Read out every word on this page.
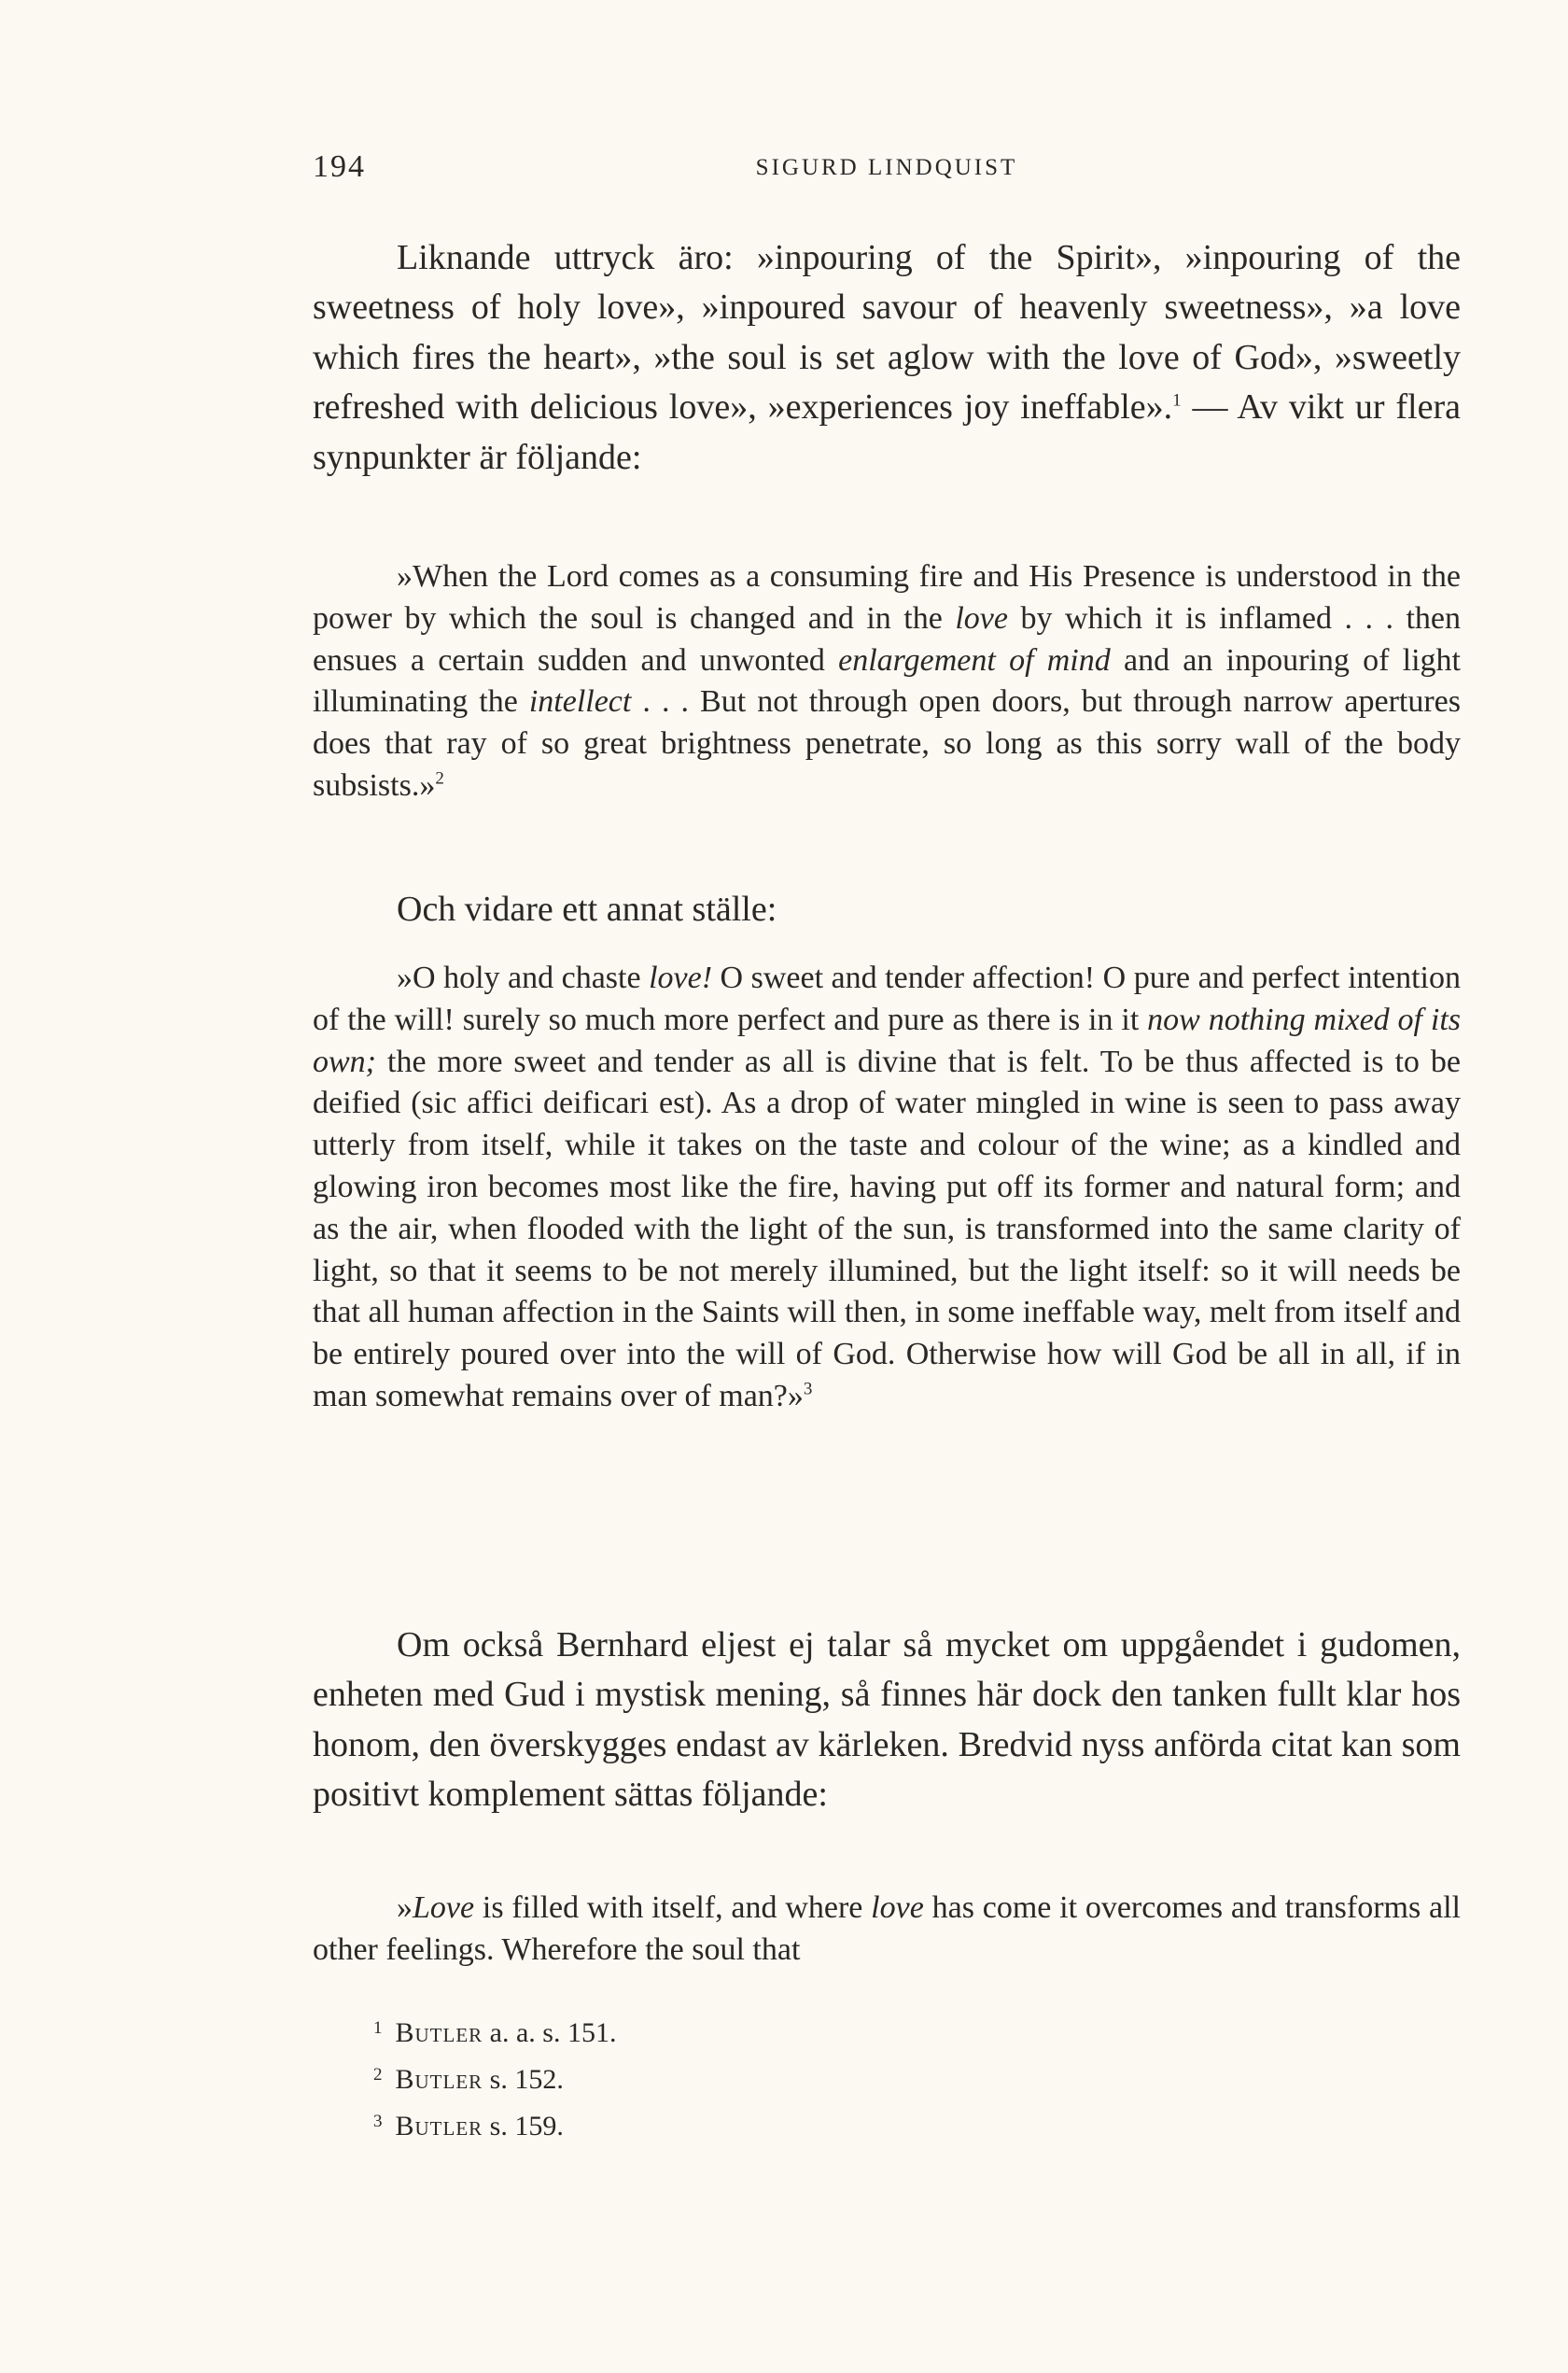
194	SIGURD LINDQUIST

Liknande uttryck äro: »inpouring of the Spirit», »inpouring of the sweetness of holy love», »inpoured savour of heavenly sweetness», »a love which fires the heart», »the soul is set aglow with the love of God», »sweetly refreshed with delicious love», »experiences joy ineffable».$^1$ — Av vikt ur flera synpunkter är följande:

»When the Lord comes as a consuming fire and His Presence is understood in the power by which the soul is changed and in the love by which it is inflamed . . . then ensues a certain sudden and unwonted enlargement of mind and an inpouring of light illuminating the intellect . . . But not through open doors, but through narrow apertures does that ray of so great brightness penetrate, so long as this sorry wall of the body subsists.»$^2$

Och vidare ett annat ställe:

»O holy and chaste love! O sweet and tender affection! O pure and perfect intention of the will! surely so much more perfect and pure as there is in it now nothing mixed of its own; the more sweet and tender as all is divine that is felt. To be thus affected is to be deified (sic affici deificari est). As a drop of water mingled in wine is seen to pass away utterly from itself, while it takes on the taste and colour of the wine; as a kindled and glowing iron becomes most like the fire, having put off its former and natural form; and as the air, when flooded with the light of the sun, is transformed into the same clarity of light, so that it seems to be not merely illumined, but the light itself: so it will needs be that all human affection in the Saints will then, in some ineffable way, melt from itself and be entirely poured over into the will of God. Otherwise how will God be all in all, if in man somewhat remains over of man?»$^3$

Om också Bernhard eljest ej talar så mycket om uppgåendet i gudomen, enheten med Gud i mystisk mening, så finnes här dock den tanken fullt klar hos honom, den överskygges endast av kärleken. Bredvid nyss anförda citat kan som positivt komplement sättas följande:

»Love is filled with itself, and where love has come it overcomes and transforms all other feelings. Wherefore the soul that

$^1$ Butler a. a. s. 151.
$^2$ Butler s. 152.
$^3$ Butler s. 159.
